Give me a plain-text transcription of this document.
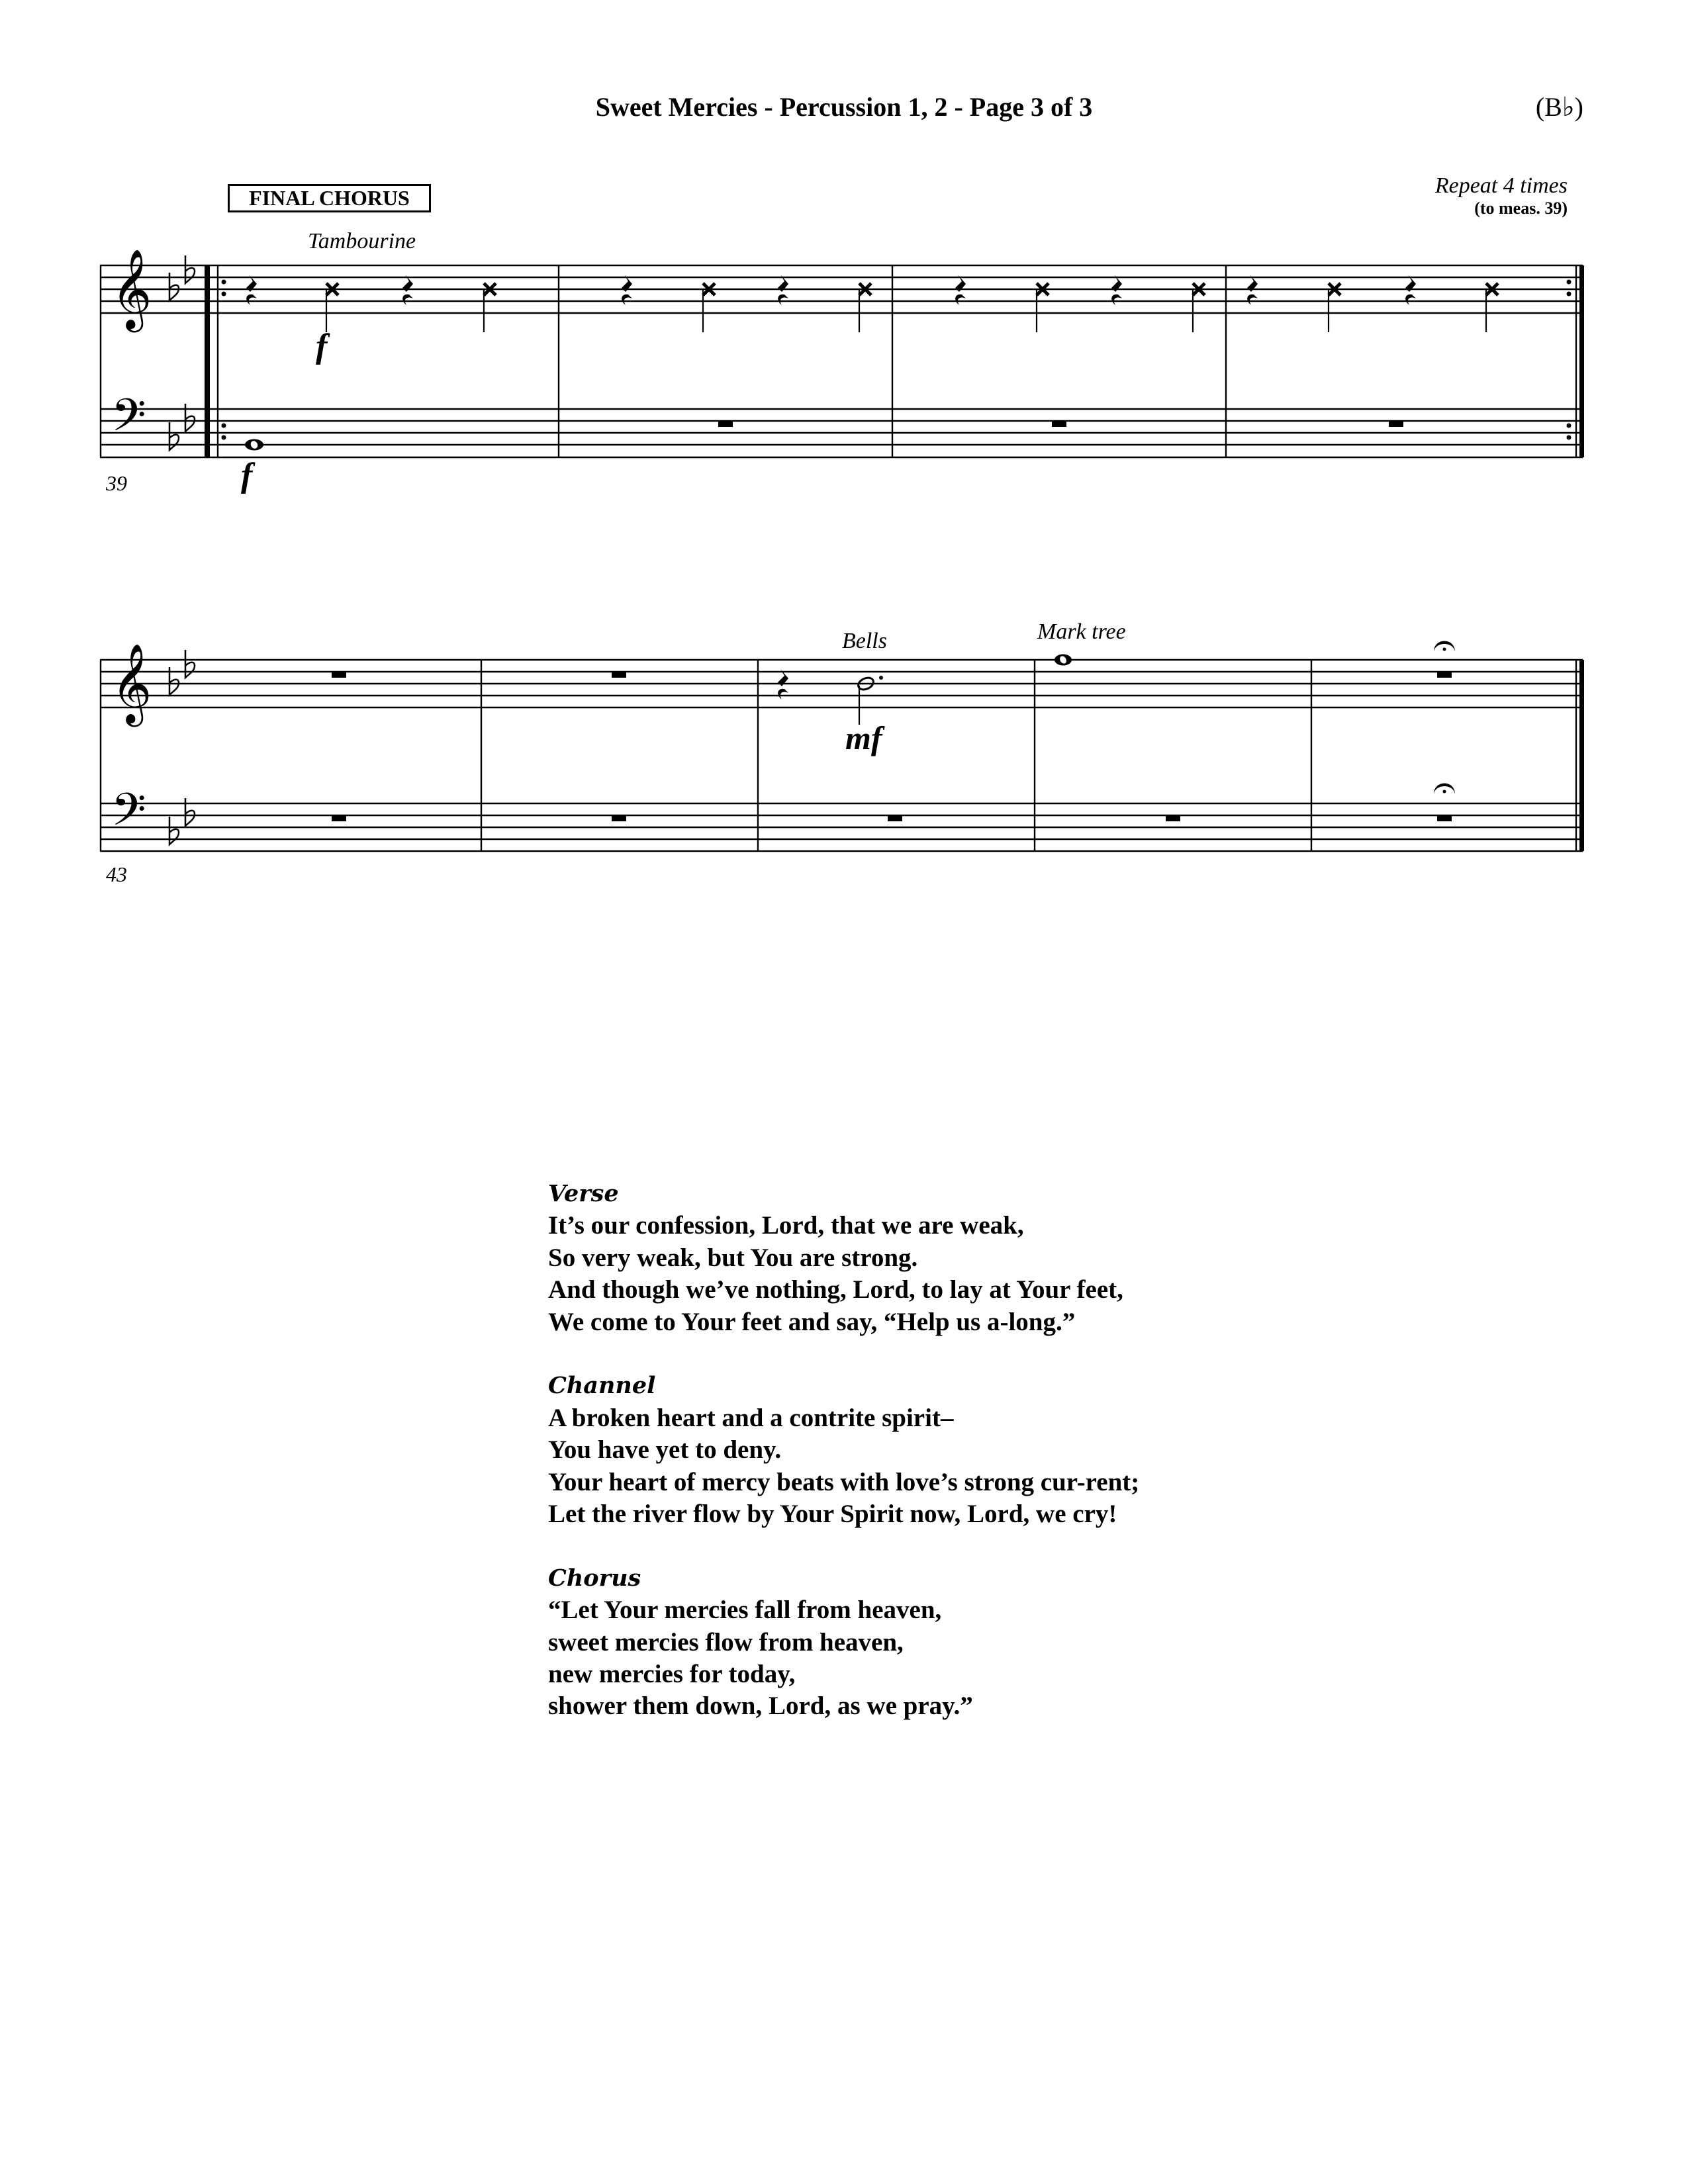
Sweet Mercies - Percussion 1, 2 - Page 3 of 3	(B♭)
FINAL CHORUS	Repeat 4 times
(to meas. 39)
Tambourine
39
Bells	Mark tree
43
𝄞
𝄢
f
f
𝄞
𝄢
mf
Verse
It’s our confession, Lord, that we are weak,
So very weak, but You are strong.
And though we’ve nothing, Lord, to lay at Your feet,
We come to Your feet and say, “Help us a-long.”
Channel
A broken heart and a contrite spirit–
You have yet to deny.
Your heart of mercy beats with love’s strong cur-rent;
Let the river flow by Your Spirit now, Lord, we cry!
Chorus
“Let Your mercies fall from heaven,
sweet mercies flow from heaven,
new mercies for today,
shower them down, Lord, as we pray.”
